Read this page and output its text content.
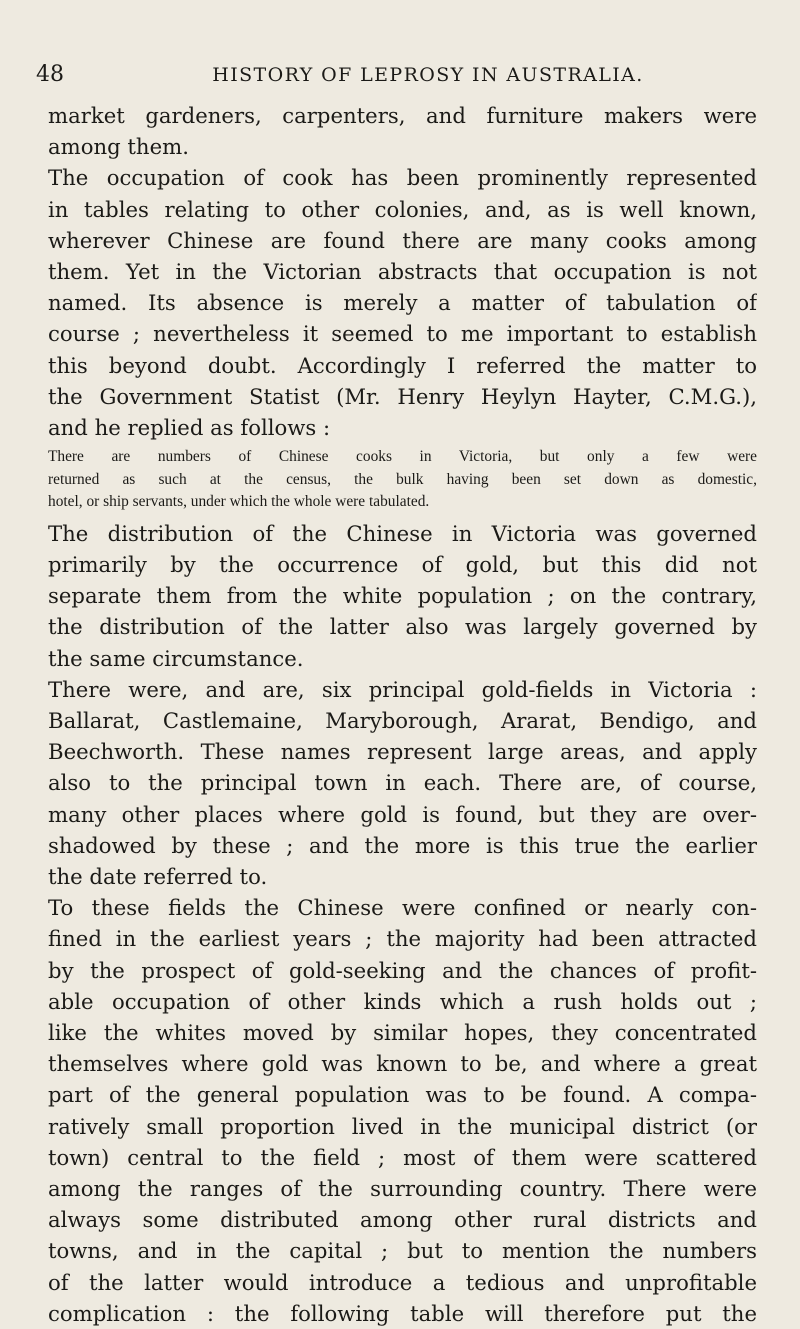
48	HISTORY OF LEPROSY IN AUSTRALIA.
market gardeners, carpenters, and furniture makers were
among them.
The occupation of cook has been prominently represented
in tables relating to other colonies, and, as is well known,
wherever Chinese are found there are many cooks among
them. Yet in the Victorian abstracts that occupation is not
named. Its absence is merely a matter of tabulation of
course ; nevertheless it seemed to me important to establish
this beyond doubt. Accordingly I referred the matter to
the Government Statist (Mr. Henry Heylyn Hayter, C.M.G.),
and he replied as follows :
There are numbers of Chinese cooks in Victoria, but only a few were
returned as such at the census, the bulk having been set down as domestic,
hotel, or ship servants, under which the whole were tabulated.
The distribution of the Chinese in Victoria was governed
primarily by the occurrence of gold, but this did not
separate them from the white population ; on the contrary,
the distribution of the latter also was largely governed by
the same circumstance.
There were, and are, six principal gold-fields in Victoria :
Ballarat, Castlemaine, Maryborough, Ararat, Bendigo, and
Beechworth. These names represent large areas, and apply
also to the principal town in each. There are, of course,
many other places where gold is found, but they are over-
shadowed by these ; and the more is this true the earlier
the date referred to.
To these fields the Chinese were confined or nearly con-
fined in the earliest years ; the majority had been attracted
by the prospect of gold-seeking and the chances of profit-
able occupation of other kinds which a rush holds out ;
like the whites moved by similar hopes, they concentrated
themselves where gold was known to be, and where a great
part of the general population was to be found. A compa-
ratively small proportion lived in the municipal district (or
town) central to the field ; most of them were scattered
among the ranges of the surrounding country. There were
always some distributed among other rural districts and
towns, and in the capital ; but to mention the numbers
of the latter would introduce a tedious and unprofitable
complication : the following table will therefore put the
